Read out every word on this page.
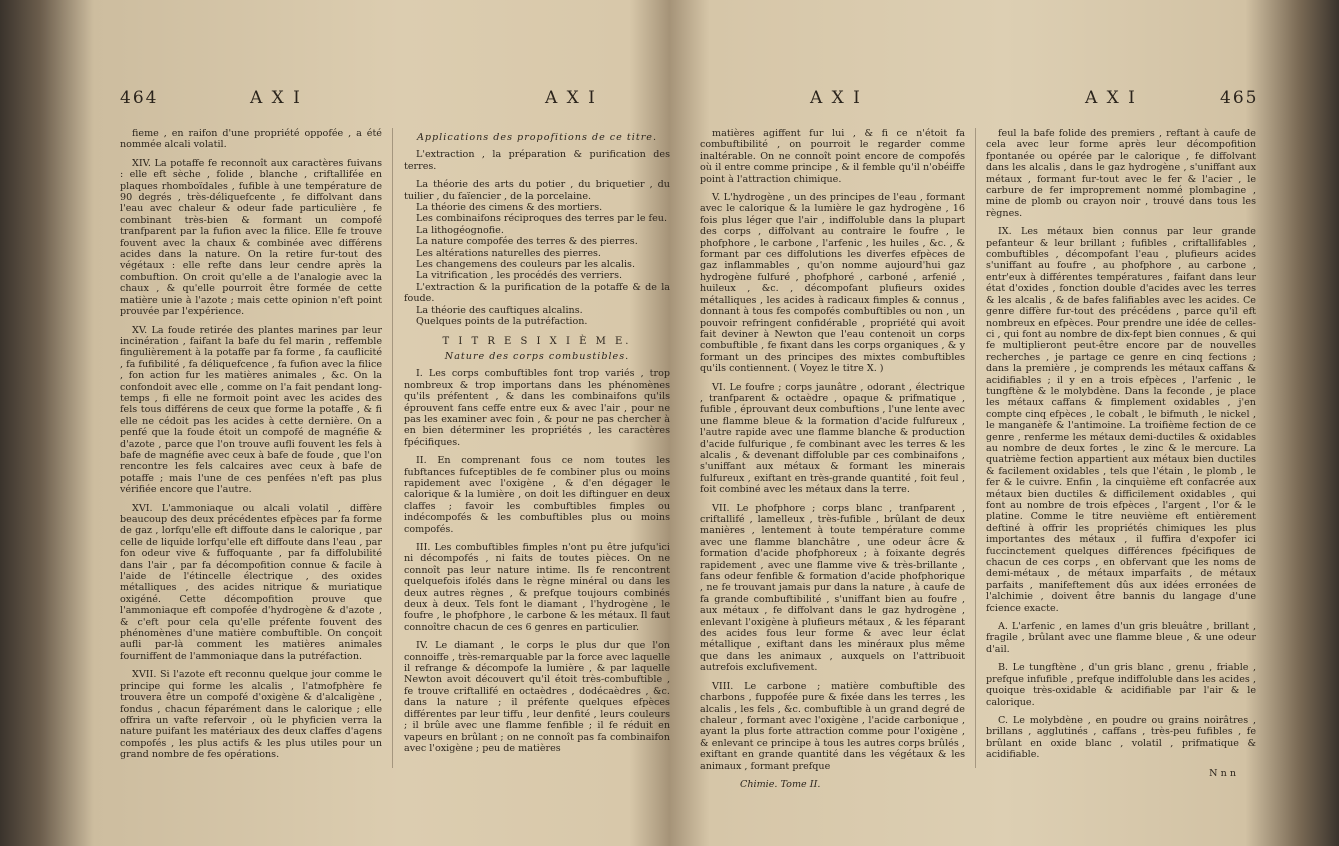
464	A X I	A X I

fieme , en raifon d'une propriété oppofée , a été nommée alcali volatil.

XIV. La potaffe fe reconnoît aux caractères fuivans : elle eft sèche , folide , blanche , criftallifée en plaques rhomboïdales , fufible à une température de 90 degrés , très-déliquefcente , fe diffolvant dans l'eau avec chaleur & odeur fade particulière , fe combinant très-bien & formant un compofé tranfparent par la fufion avec la filice. Elle fe trouve fouvent avec la chaux & combinée avec différens acides dans la nature. On la retire fur-tout des végétaux : elle refte dans leur cendre après la combuftion. On croit qu'elle a de l'analogie avec la chaux , & qu'elle pourroit être formée de cette matière unie à l'azote ; mais cette opinion n'eft point prouvée par l'expérience.

XV. La foude retirée des plantes marines par leur incinération , faifant la bafe du fel marin , reffemble fingulièrement à la potaffe par fa forme , fa cauflicité , fa fufibilité , fa déliquefcence , fa fufion avec la filice , fon action fur les matières animales , &c. On la confondoit avec elle , comme on l'a fait pendant long-temps , fi elle ne formoit point avec les acides des fels tous différens de ceux que forme la potaffe , & fi elle ne cédoit pas les acides à cette dernière. On a penfé que la foude étoit un compofé de magnéfie & d'azote , parce que l'on trouve aufli fouvent les fels à bafe de magnéfie avec ceux à bafe de foude , que l'on rencontre les fels calcaires avec ceux à bafe de potaffe ; mais l'une de ces penfées n'eft pas plus vérifiée encore que l'autre.

XVI. L'ammoniaque ou alcali volatil , diffère beaucoup des deux précédentes efpèces par fa forme de gaz , lorfqu'elle eft diffoute dans le calorique , par celle de liquide lorfqu'elle eft diffoute dans l'eau , par fon odeur vive & fuffoquante , par fa diffolubilité dans l'air , par fa décompofition connue & facile à l'aide de l'étincelle électrique , des oxides métalliques , des acides nitrique & muriatique oxigéné. Cette décompofition prouve que l'ammoniaque eft compofée d'hydrogène & d'azote , & c'eft pour cela qu'elle préfente fouvent des phénomènes d'une matière combuftible. On conçoit aufli par-là comment les matières animales fourniffent de l'ammoniaque dans la putréfaction.

XVII. Si l'azote eft reconnu quelque jour comme le principe qui forme les alcalis , l'atmofphère fe trouvera être un compofé d'oxigène & d'alcaligène , fondus , chacun féparément dans le calorique ; elle offrira un vafte refervoir , où le phyficien verra la nature puifant les matériaux des deux claffes d'agens compofés , les plus actifs & les plus utiles pour un grand nombre de fes opérations.

Applications des propofitions de ce titre.

L'extraction , la préparation & purification des terres.

La théorie des arts du potier , du briquetier , du tuilier , du faïencier , de la porcelaine.
La théorie des cimens & des mortiers.
Les combinaifons réciproques des terres par le feu.
La lithogéognofie.
La nature compofée des terres & des pierres.
Les altérations naturelles des pierres.
Les changemens des couleurs par les alcalis.
La vitrification , les procédés des verriers.
L'extraction & la purification de la potaffe & de la foude.
La théorie des cauftiques alcalins.
Quelques points de la putréfaction.
T I T R E S I X I È M E.
Nature des corps combustibles.

I. Les corps combuftibles font trop variés , trop nombreux & trop importans dans les phénomènes qu'ils préfentent , & dans les combinaifons qu'ils éprouvent fans ceffe entre eux & avec l'air , pour ne pas les examiner avec foin , & pour ne pas chercher à en bien déterminer les propriétés , les caractères fpécifiques.

II. En comprenant fous ce nom toutes les fubftances fufceptibles de fe combiner plus ou moins rapidement avec l'oxigène , & d'en dégager le calorique & la lumière , on doit les diftinguer en deux claffes ; favoir les combuftibles fimples ou indécompofés & les combuftibles plus ou moins compofés.

III. Les combuftibles fimples n'ont pu être jufqu'ici ni décompofés , ni faits de toutes pièces. On ne connoît pas leur nature intime. Ils fe rencontrent quelquefois ifolés dans le règne minéral ou dans les deux autres règnes , & prefque toujours combinés deux à deux. Tels font le diamant , l'hydrogène , le foufre , le phofphore , le carbone & les métaux. Il faut connoître chacun de ces 6 genres en particulier.

IV. Le diamant , le corps le plus dur que l'on connoiffe , très-remarquable par la force avec laquelle il refrange & décompofe la lumière , & par laquelle Newton avoit découvert qu'il étoit très-combuftible , fe trouve criftallifé en octaèdres , dodécaèdres , &c. dans la nature ; il préfente quelques efpèces différentes par leur tiffu , leur denfité , leurs couleurs ; il brûle avec une flamme fenfible ; il fe réduit en vapeurs en brûlant ; on ne connoît pas fa combinaifon avec l'oxigène ; peu de matières

A X I	A X I	465

matières agiffent fur lui , & fi ce n'étoit fa combuftibilité , on pourroit le regarder comme inaltérable. On ne connoît point encore de compofés où il entre comme principe , & il femble qu'il n'obéiffe point à l'attraction chimique.

V. L'hydrogène , un des principes de l'eau , formant avec le calorique & la lumière le gaz hydrogène , 16 fois plus léger que l'air , indiffoluble dans la plupart des corps , diffolvant au contraire le foufre , le phofphore , le carbone , l'arfenic , les huiles , &c. , & formant par ces diffolutions les diverfes efpèces de gaz inflammables , qu'on nomme aujourd'hui gaz hydrogène fulfuré , phofphoré , carboné , arfenié , huileux , &c. , décompofant plufieurs oxides métalliques , les acides à radicaux fimples & connus , donnant à tous fes compofés combuftibles ou non , un pouvoir refringent confidérable , propriété qui avoit fait deviner à Newton que l'eau contenoit un corps combuftible , fe fixant dans les corps organiques , & y formant un des principes des mixtes combuftibles qu'ils contiennent. ( Voyez le titre X. )

VI. Le foufre ; corps jaunâtre , odorant , électrique , tranfparent & octaèdre , opaque & prifmatique , fufible , éprouvant deux combuftions , l'une lente avec une flamme bleue & la formation d'acide fulfureux , l'autre rapide avec une flamme blanche & production d'acide fulfurique , fe combinant avec les terres & les alcalis , & devenant diffoluble par ces combinaifons , s'uniffant aux métaux & formant les minerais fulfureux , exiftant en très-grande quantité , foit feul , foit combiné avec les métaux dans la terre.

VII. Le phofphore ; corps blanc , tranfparent , criftallifé , lamelleux , très-fufible , brûlant de deux manières , lentement à toute température comme avec une flamme blanchâtre , une odeur âcre & formation d'acide phofphoreux ; à foixante degrés rapidement , avec une flamme vive & très-brillante , fans odeur fenfible & formation d'acide phofphorique , ne fe trouvant jamais pur dans la nature , à caufe de fa grande combuftibilité , s'uniffant bien au foufre , aux métaux , fe diffolvant dans le gaz hydrogène , enlevant l'oxigène à plufieurs métaux , & les féparant des acides fous leur forme & avec leur éclat métallique , exiftant dans les minéraux plus même que dans les animaux , auxquels on l'attribuoit autrefois exclufivement.

VIII. Le carbone ; matière combuftible des charbons , fuppofée pure & fixée dans les terres , les alcalis , les fels , &c. combuftible à un grand degré de chaleur , formant avec l'oxigène , l'acide carbonique , ayant la plus forte attraction comme pour l'oxigène , & enlevant ce principe à tous les autres corps brûlés , exiftant en grande quantité dans les végétaux & les animaux , formant prefque

Chimie. Tome II.

feul la bafe folide des premiers , reftant à caufe de cela avec leur forme après leur décompofition fpontanée ou opérée par le calorique , fe diffolvant dans les alcalis , dans le gaz hydrogène , s'uniffant aux métaux , formant fur-tout avec le fer & l'acier , le carbure de fer improprement nommé plombagine , mine de plomb ou crayon noir , trouvé dans tous les règnes.

IX. Les métaux bien connus par leur grande pefanteur & leur brillant ; fufibles , criftallifables , combuftibles , décompofant l'eau , plufieurs acides s'uniffant au foufre , au phofphore , au carbone , entr'eux à différentes températures , faifant dans leur état d'oxides , fonction double d'acides avec les terres & les alcalis , & de bafes falifiables avec les acides. Ce genre diffère fur-tout des précédens , parce qu'il eft nombreux en efpèces. Pour prendre une idée de celles-ci , qui font au nombre de dix-fept bien connues , & qui fe multiplieront peut-être encore par de nouvelles recherches , je partage ce genre en cinq fections ; dans la première , je comprends les métaux caffans & acidifiables ; il y en a trois efpèces , l'arfenic , le tungftène & le molybdène. Dans la feconde , je place les métaux caffans & fimplement oxidables , j'en compte cinq efpèces , le cobalt , le bifmuth , le nickel , le manganèfe & l'antimoine. La troifième fection de ce genre , renferme les métaux demi-ductiles & oxidables au nombre de deux fortes , le zinc & le mercure. La quatrième fection appartient aux métaux bien ductiles & facilement oxidables , tels que l'étain , le plomb , le fer & le cuivre. Enfin , la cinquième eft confacrée aux métaux bien ductiles & difficilement oxidables , qui font au nombre de trois efpèces , l'argent , l'or & le platine. Comme le titre neuvième eft entièrement deftiné à offrir les propriétés chimiques les plus importantes des métaux , il fuffira d'expofer ici fuccinctement quelques différences fpécifiques de chacun de ces corps , en obfervant que les noms de demi-métaux , de métaux imparfaits , de métaux parfaits , manifeftement dûs aux idées erronées de l'alchimie , doivent être bannis du langage d'une fcience exacte.

A. L'arfenic , en lames d'un gris bleuâtre , brillant , fragile , brûlant avec une flamme bleue , & une odeur d'ail.

B. Le tungftène , d'un gris blanc , grenu , friable , prefque infufible , prefque indiffoluble dans les acides , quoique très-oxidable & acidifiable par l'air & le calorique.

C. Le molybdène , en poudre ou grains noirâtres , brillans , agglutinés , caffans , très-peu fufibles , fe brûlant en oxide blanc , volatil , prifmatique & acidifiable.

N n n
